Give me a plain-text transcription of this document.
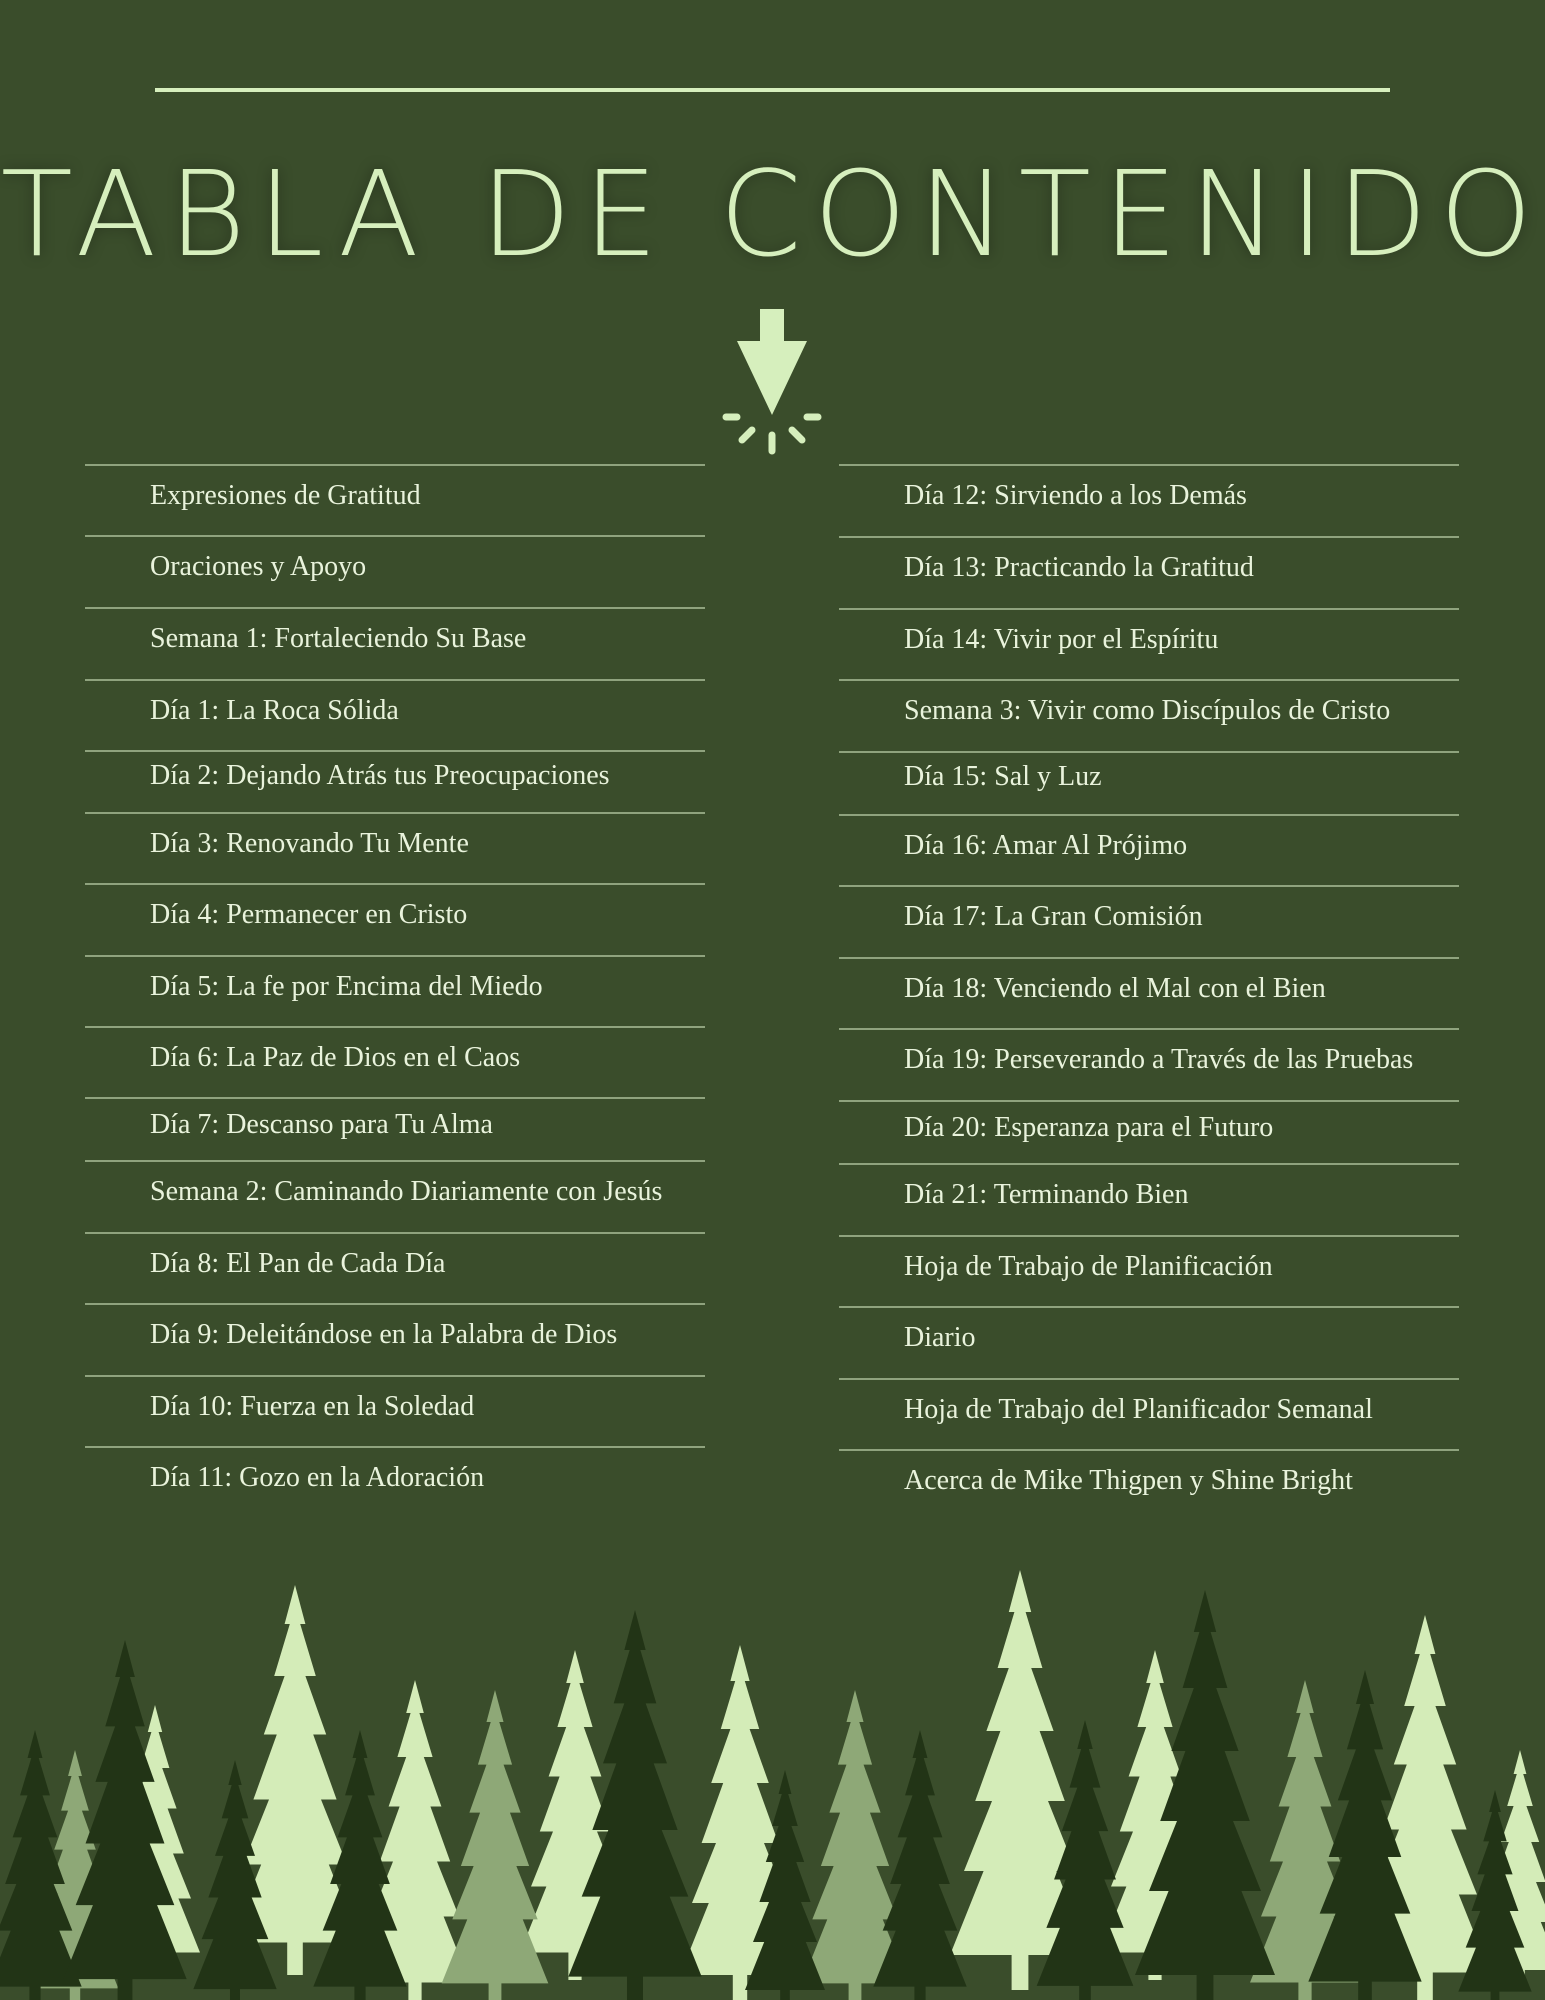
TABLA DE CONTENIDO
Expresiones de Gratitud
Oraciones y Apoyo
Semana 1: Fortaleciendo Su Base
Día 1: La Roca Sólida
Día 2: Dejando Atrás tus Preocupaciones
Día 3: Renovando Tu Mente
Día 4: Permanecer en Cristo
Día 5: La fe por Encima del Miedo
Día 6: La Paz de Dios en el Caos
Día 7: Descanso para Tu Alma
Semana 2: Caminando Diariamente con Jesús
Día 8: El Pan de Cada Día
Día 9: Deleitándose en la Palabra de Dios
Día 10: Fuerza en la Soledad
Día 11: Gozo en la Adoración
Día 12: Sirviendo a los Demás
Día 13: Practicando la Gratitud
Día 14: Vivir por el Espíritu
Semana 3: Vivir como Discípulos de Cristo
Día 15: Sal y Luz
Día 16: Amar Al Prójimo
Día 17: La Gran Comisión
Día 18: Venciendo el Mal con el Bien
Día 19: Perseverando a Través de las Pruebas
Día 20: Esperanza para el Futuro
Día 21: Terminando Bien
Hoja de Trabajo de Planificación
Diario
Hoja de Trabajo del Planificador Semanal
Acerca de Mike Thigpen y Shine Bright
